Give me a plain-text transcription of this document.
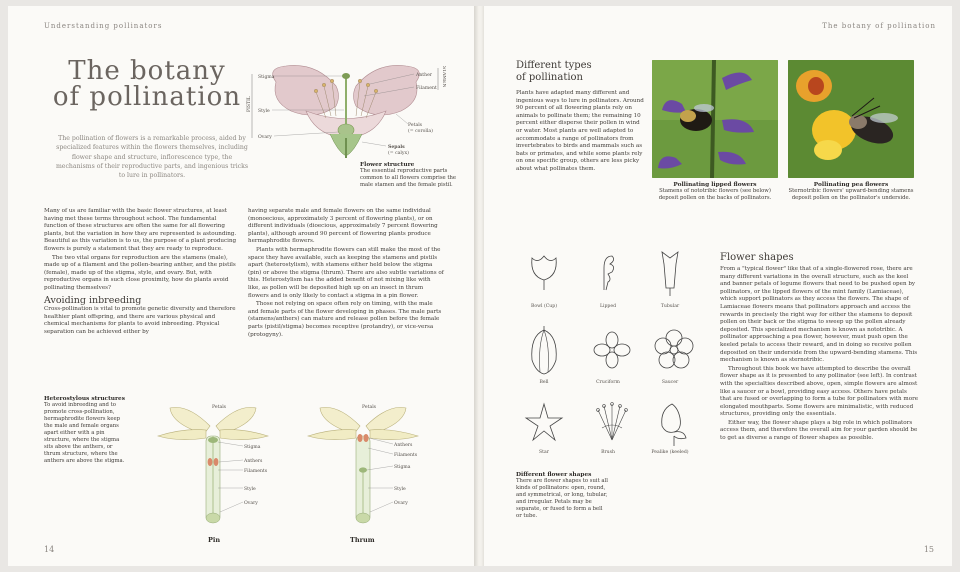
Understanding pollinators
The botany
of pollination
The pollination of flowers is a remarkable process, aided by specialized features within the flowers themselves, including flower shape and structure, inflorescence type, the mechanisms of their reproductive parts, and ingenious tricks to lure in pollinators.
PISTIL
Stigma
Style
Ovary
STAMEN
Anther
Filament
Petals
(= corolla)
Sepals
(= calyx)
Flower structure
The essential reproductive parts common to all flowers comprise the male stamen and the female pistil.

Many of us are familiar with the basic flower structures, at least having met these terms throughout school. The fundamental function of these structures are often the same for all flowering plants, but the variation in how they are represented is astounding. Beautiful as this variation is to us, the purpose of a plant producing flowers is purely a statement that they are ready to reproduce.

The two vital organs for reproduction are the stamens (male), made up of a filament and the pollen-bearing anther, and the pistils (female), made up of the stigma, style, and ovary. But, with reproductive organs in such close proximity, how do plants avoid pollinating themselves?

Avoiding inbreeding

Cross-pollination is vital to promote genetic diversity and therefore healthier plant offspring, and there are various physical and chemical mechanisms for plants to avoid inbreeding. Physical separation can be achieved either by

having separate male and female flowers on the same individual (monoecious, approximately 3 percent of flowering plants), or on different individuals (dioecious, approximately 7 percent flowering plants), although around 90 percent of flowering plants produce hermaphrodite flowers.

Plants with hermaphrodite flowers can still make the most of the space they have available, such as keeping the stamens and pistils apart (heterostylism), with stamens either held below the stigma (pin) or above the stigma (thrum). There are also subtle variations of this. Heterostylism has the added benefit of not mixing like with like, as pollen will be deposited high up on an insect in thrum flowers and is only likely to contact a stigma in a pin flower.

Those not relying on space often rely on timing, with the male and female parts of the flower developing in phases. The male parts (stamens/anthers) can mature and release pollen before the female parts (pistil/stigma) becomes receptive (protandry), or vice-versa (protogyny).

Heterostylous structures
To avoid inbreeding and to promote cross-pollination, hermaphrodite flowers keep the male and female organs apart either with a pin structure, where the stigma sits above the anthers, or thrum structure, where the anthers are above the stigma.
Petals
Stigma
Anthers
Filaments
Style
Ovary
Pin
Petals
Anthers
Filaments
Stigma
Style
Ovary
Thrum
14
The botany of pollination
Different types
of pollination
Plants have adapted many different and ingenious ways to lure in pollinators. Around 90 percent of all flowering plants rely on animals to pollinate them; the remaining 10 percent either disperse their pollen in wind or water. Most plants are well adapted to accommodate a range of pollinators from invertebrates to birds and mammals such as bats or primates, and while some plants rely on one specific group, others are less picky about what pollinates them.
Pollinating lipped flowers
Stamens of nototribic flowers (see below) deposit pollen on the backs of pollinators.
Pollinating pea flowers
Sternotribic flowers' upward-bending stamens deposit pollen on the pollinator's underside.
Bowl (Cup)	Lipped	Tubular
Bell	Cruciform	Saucer
Star	Brush	Pealike (keeled)
Different flower shapes
There are flower shapes to suit all kinds of pollinators: open, round, and symmetrical, or long, tubular, and irregular. Petals may be separate, or fused to form a bell or tube.
Flower shapes

From a "typical flower" like that of a single-flowered rose, there are many different variations in the overall structure, such as the keel and banner petals of legume flowers that need to be pushed open by pollinators, or the lipped flowers of the mint family (Lamiaceae), which support pollinators as they access the flowers. The shape of Lamiaceae flowers means that pollinators approach and access the rewards in precisely the right way for either the stamens to deposit pollen on their back or the stigma to sweep up the pollen already deposited. This specialized mechanism is known as nototribic. A pollinator approaching a pea flower, however, must push open the keeled petals to access their reward, and in doing so receive pollen deposited on their underside from the upward-bending stamens. This mechanism is known as sternotribic.

Throughout this book we have attempted to describe the overall flower shape as it is presented to any pollinator (see left). In contrast with the specialties described above, open, simple flowers are almost like a saucer or a bowl, providing easy access. Others have petals that are fused or overlapping to form a tube for pollinators with more elongated mouthparts. Some flowers are minimalistic, with reduced structures, providing only the essentials.

Either way, the flower shape plays a big role in which pollinators access them, and therefore the overall aim for your garden should be to get as diverse a range of flower shapes as possible.

15
